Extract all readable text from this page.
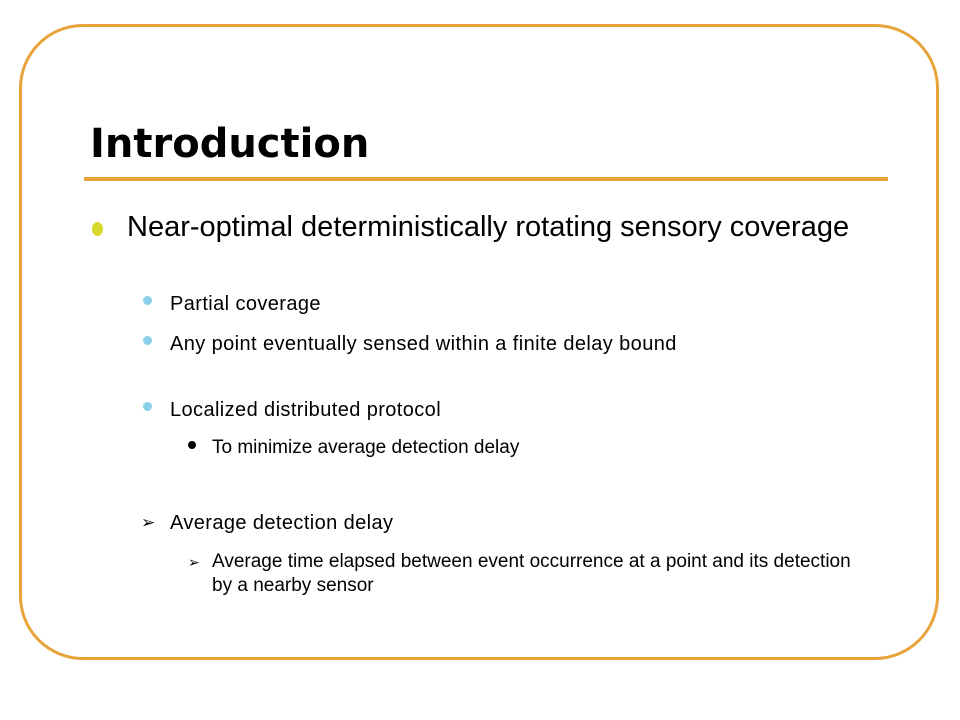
Introduction
Near-optimal deterministically rotating sensory coverage
Partial coverage
Any point eventually sensed within a finite delay bound
Localized distributed protocol
To minimize average detection delay
➢ Average detection delay
➢ Average time elapsed between event occurrence at a point and its detection by a nearby sensor
